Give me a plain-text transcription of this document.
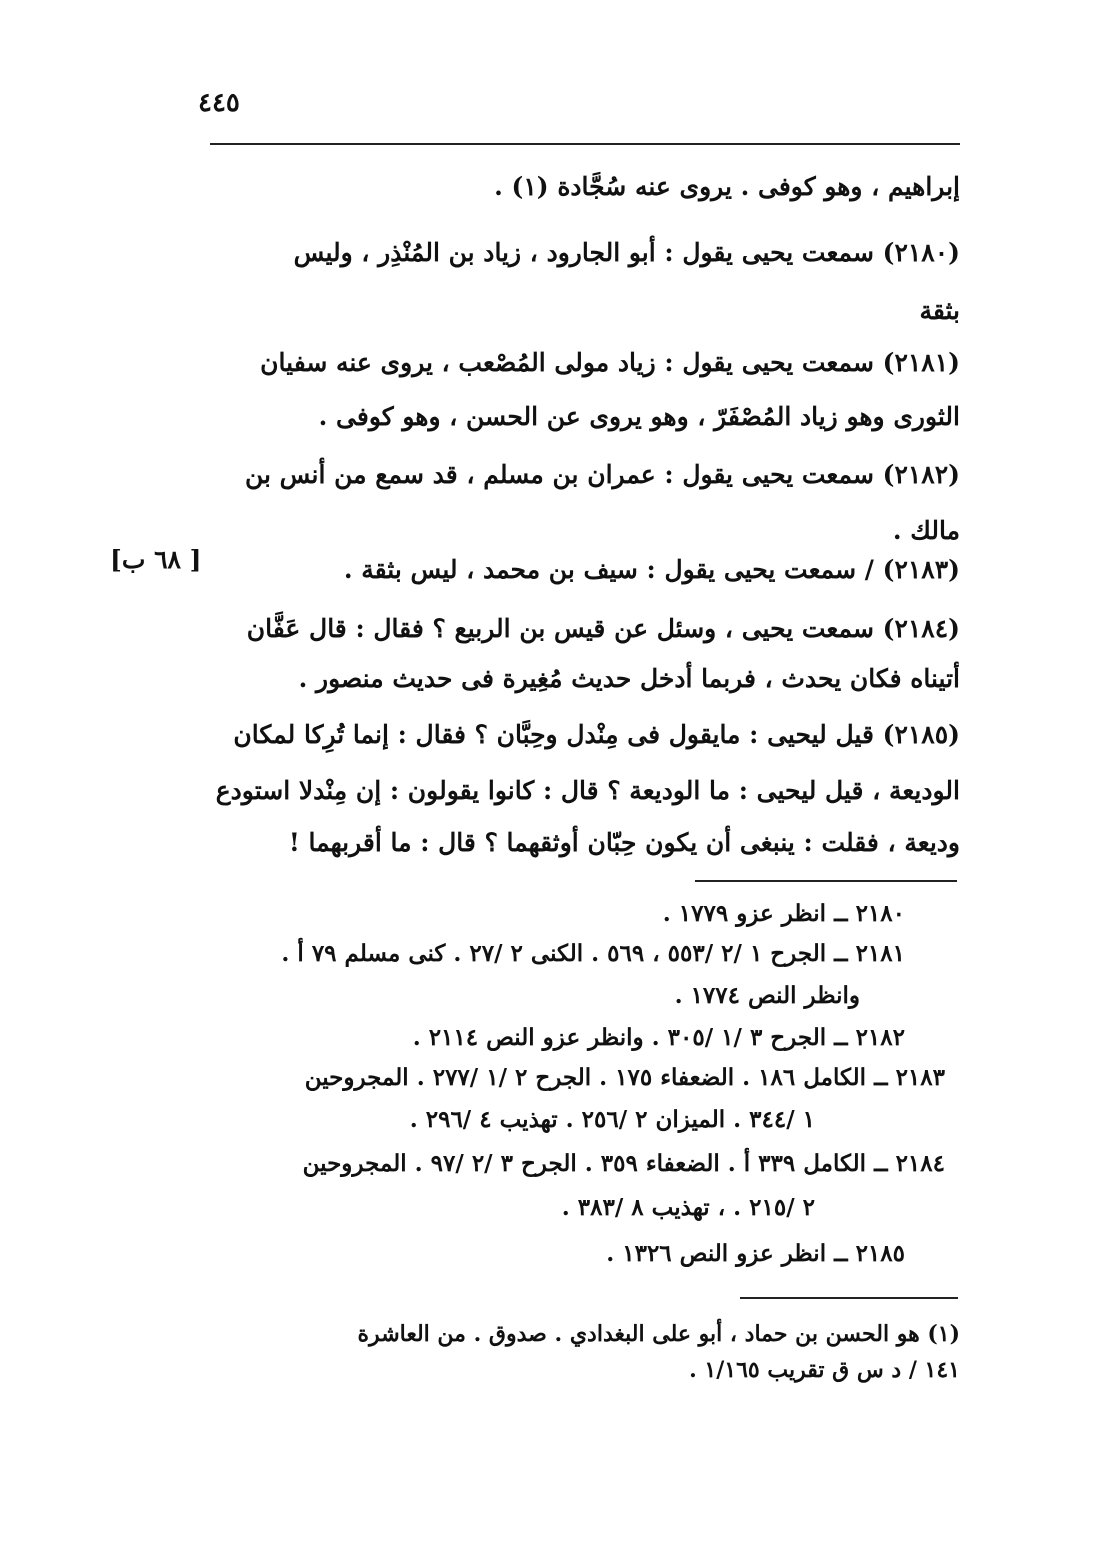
٤٤٥
إبراهيم ، وهو كوفى . يروى عنه سُجَّادة (١) .
(٢١٨٠) سمعت يحيى يقول : أبو الجارود ، زياد بن المُنْذِر ، وليس
بثقة
(٢١٨١) سمعت يحيى يقول : زياد مولى المُصْعب ، يروى عنه سفيان
الثورى وهو زياد المُصْفَرّ ، وهو يروى عن الحسن ، وهو كوفى .
(٢١٨٢) سمعت يحيى يقول : عمران بن مسلم ، قد سمع من أنس بن
مالك .
(٢١٨٣) / سمعت يحيى يقول : سيف بن محمد ، ليس بثقة .
(٢١٨٤) سمعت يحيى ، وسئل عن قيس بن الربيع ؟ فقال : قال عَفَّان
أتيناه فكان يحدث ، فربما أدخل حديث مُغِيرة فى حديث منصور .
(٢١٨٥) قيل ليحيى : مايقول فى مِنْدل وحِبَّان ؟ فقال : إنما تُرِكا لمكان
الوديعة ، قيل ليحيى : ما الوديعة ؟ قال : كانوا يقولون : إن مِنْدلا استودع
وديعة ، فقلت : ينبغى أن يكون حِبّان أوثقهما ؟ قال : ما أقربهما !
[ ٦٨ ب]
٢١٨٠ ــ انظر عزو ١٧٧٩ .
٢١٨١ ــ الجرح ١ /٢ /٥٥٣ ، ٥٦٩ . الكنى ٢ /٢٧ . كنى مسلم ٧٩ أ .
وانظر النص ١٧٧٤ .
٢١٨٢ ــ الجرح ٣ /١ /٣٠٥ . وانظر عزو النص ٢١١٤ .
٢١٨٣ ــ الكامل ١٨٦ . الضعفاء ١٧٥ . الجرح ٢ /١ /٢٧٧ . المجروحين
١ /٣٤٤ . الميزان ٢ /٢٥٦ . تهذيب ٤ /٢٩٦ .
٢١٨٤ ــ الكامل ٣٣٩ أ . الضعفاء ٣٥٩ . الجرح ٣ /٢ /٩٧ . المجروحين
٢ /٢١٥ . ، تهذيب ٨ /٣٨٣ .
٢١٨٥ ــ انظر عزو النص ١٣٢٦ .
(١) هو الحسن بن حماد ، أبو على البغدادي . صدوق . من العاشرة
١٤١ / د س ق تقريب ١/١٦٥ .
